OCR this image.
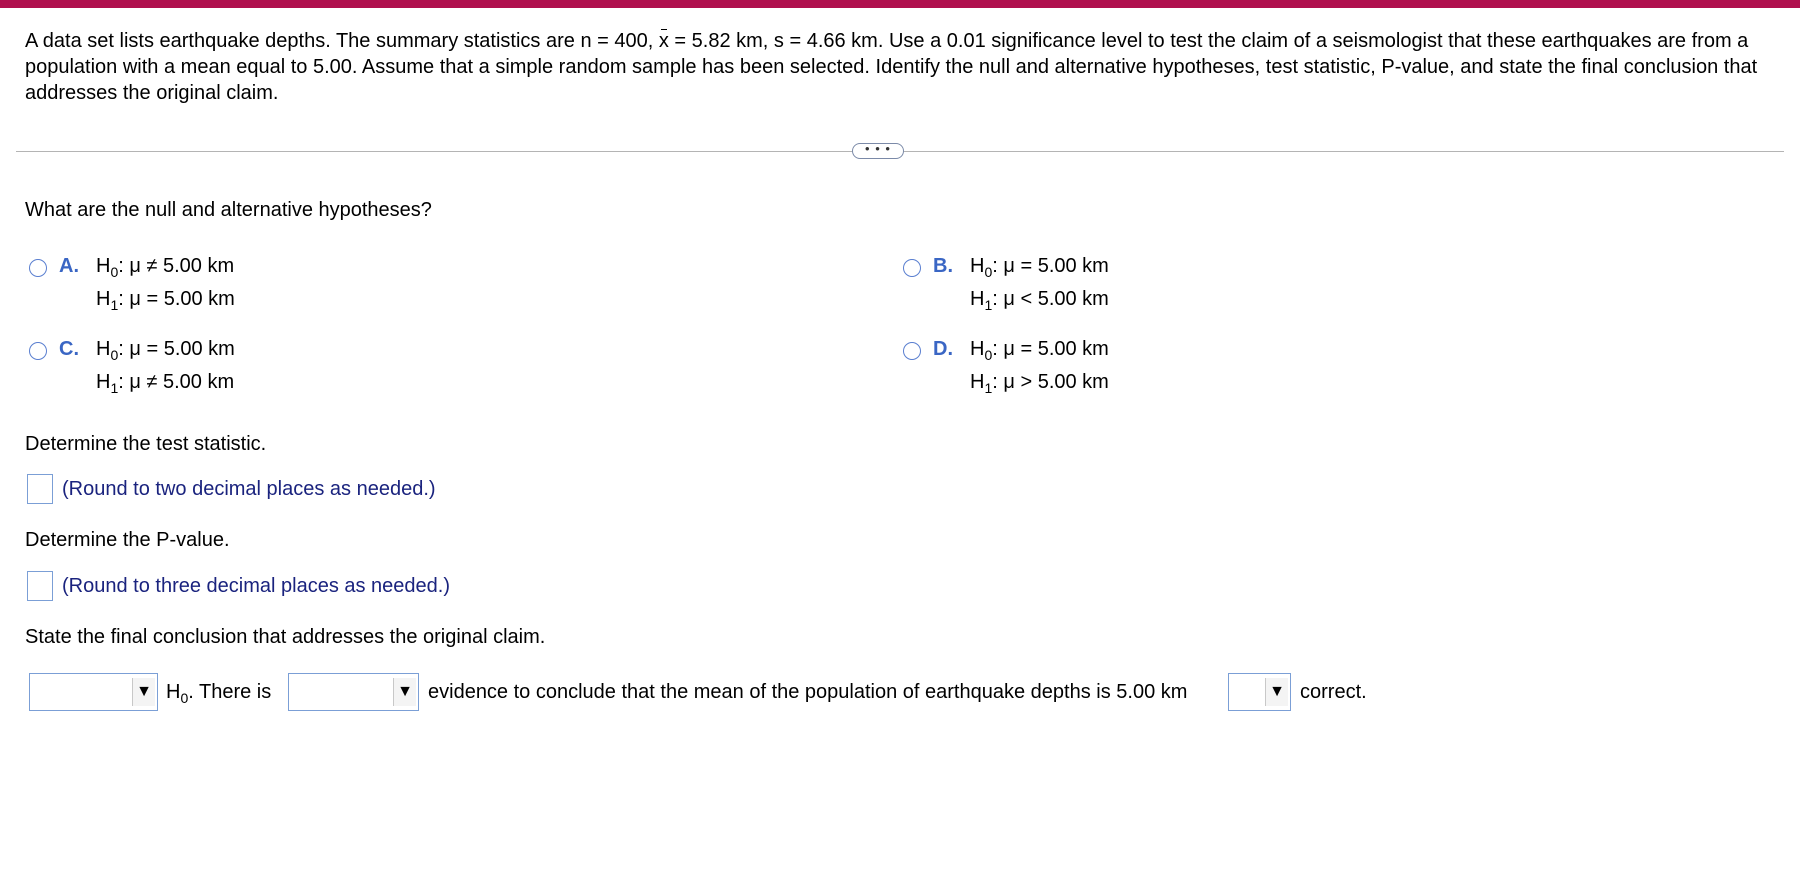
A data set lists earthquake depths. The summary statistics are n = 400, x = 5.82 km, s = 4.66 km. Use a 0.01 significance level to test the claim of a seismologist that these earthquakes are from a population with a mean equal to 5.00. Assume that a simple random sample has been selected. Identify the null and alternative hypotheses, test statistic, P-value, and state the final conclusion that addresses the original claim.
• • •
What are the null and alternative hypotheses?
A. $H_0$: μ ≠ 5.00 km
$H_1$: μ = 5.00 km
B. $H_0$: μ = 5.00 km
$H_1$: μ < 5.00 km
C. $H_0$: μ = 5.00 km
$H_1$: μ ≠ 5.00 km
D. $H_0$: μ = 5.00 km
$H_1$: μ > 5.00 km
Determine the test statistic.
(Round to two decimal places as needed.)
Determine the P-value.
(Round to three decimal places as needed.)
State the final conclusion that addresses the original claim.
▼ $H_0$. There is	▼ evidence to conclude that the mean of the population of earthquake depths is 5.00 km	▼ correct.
